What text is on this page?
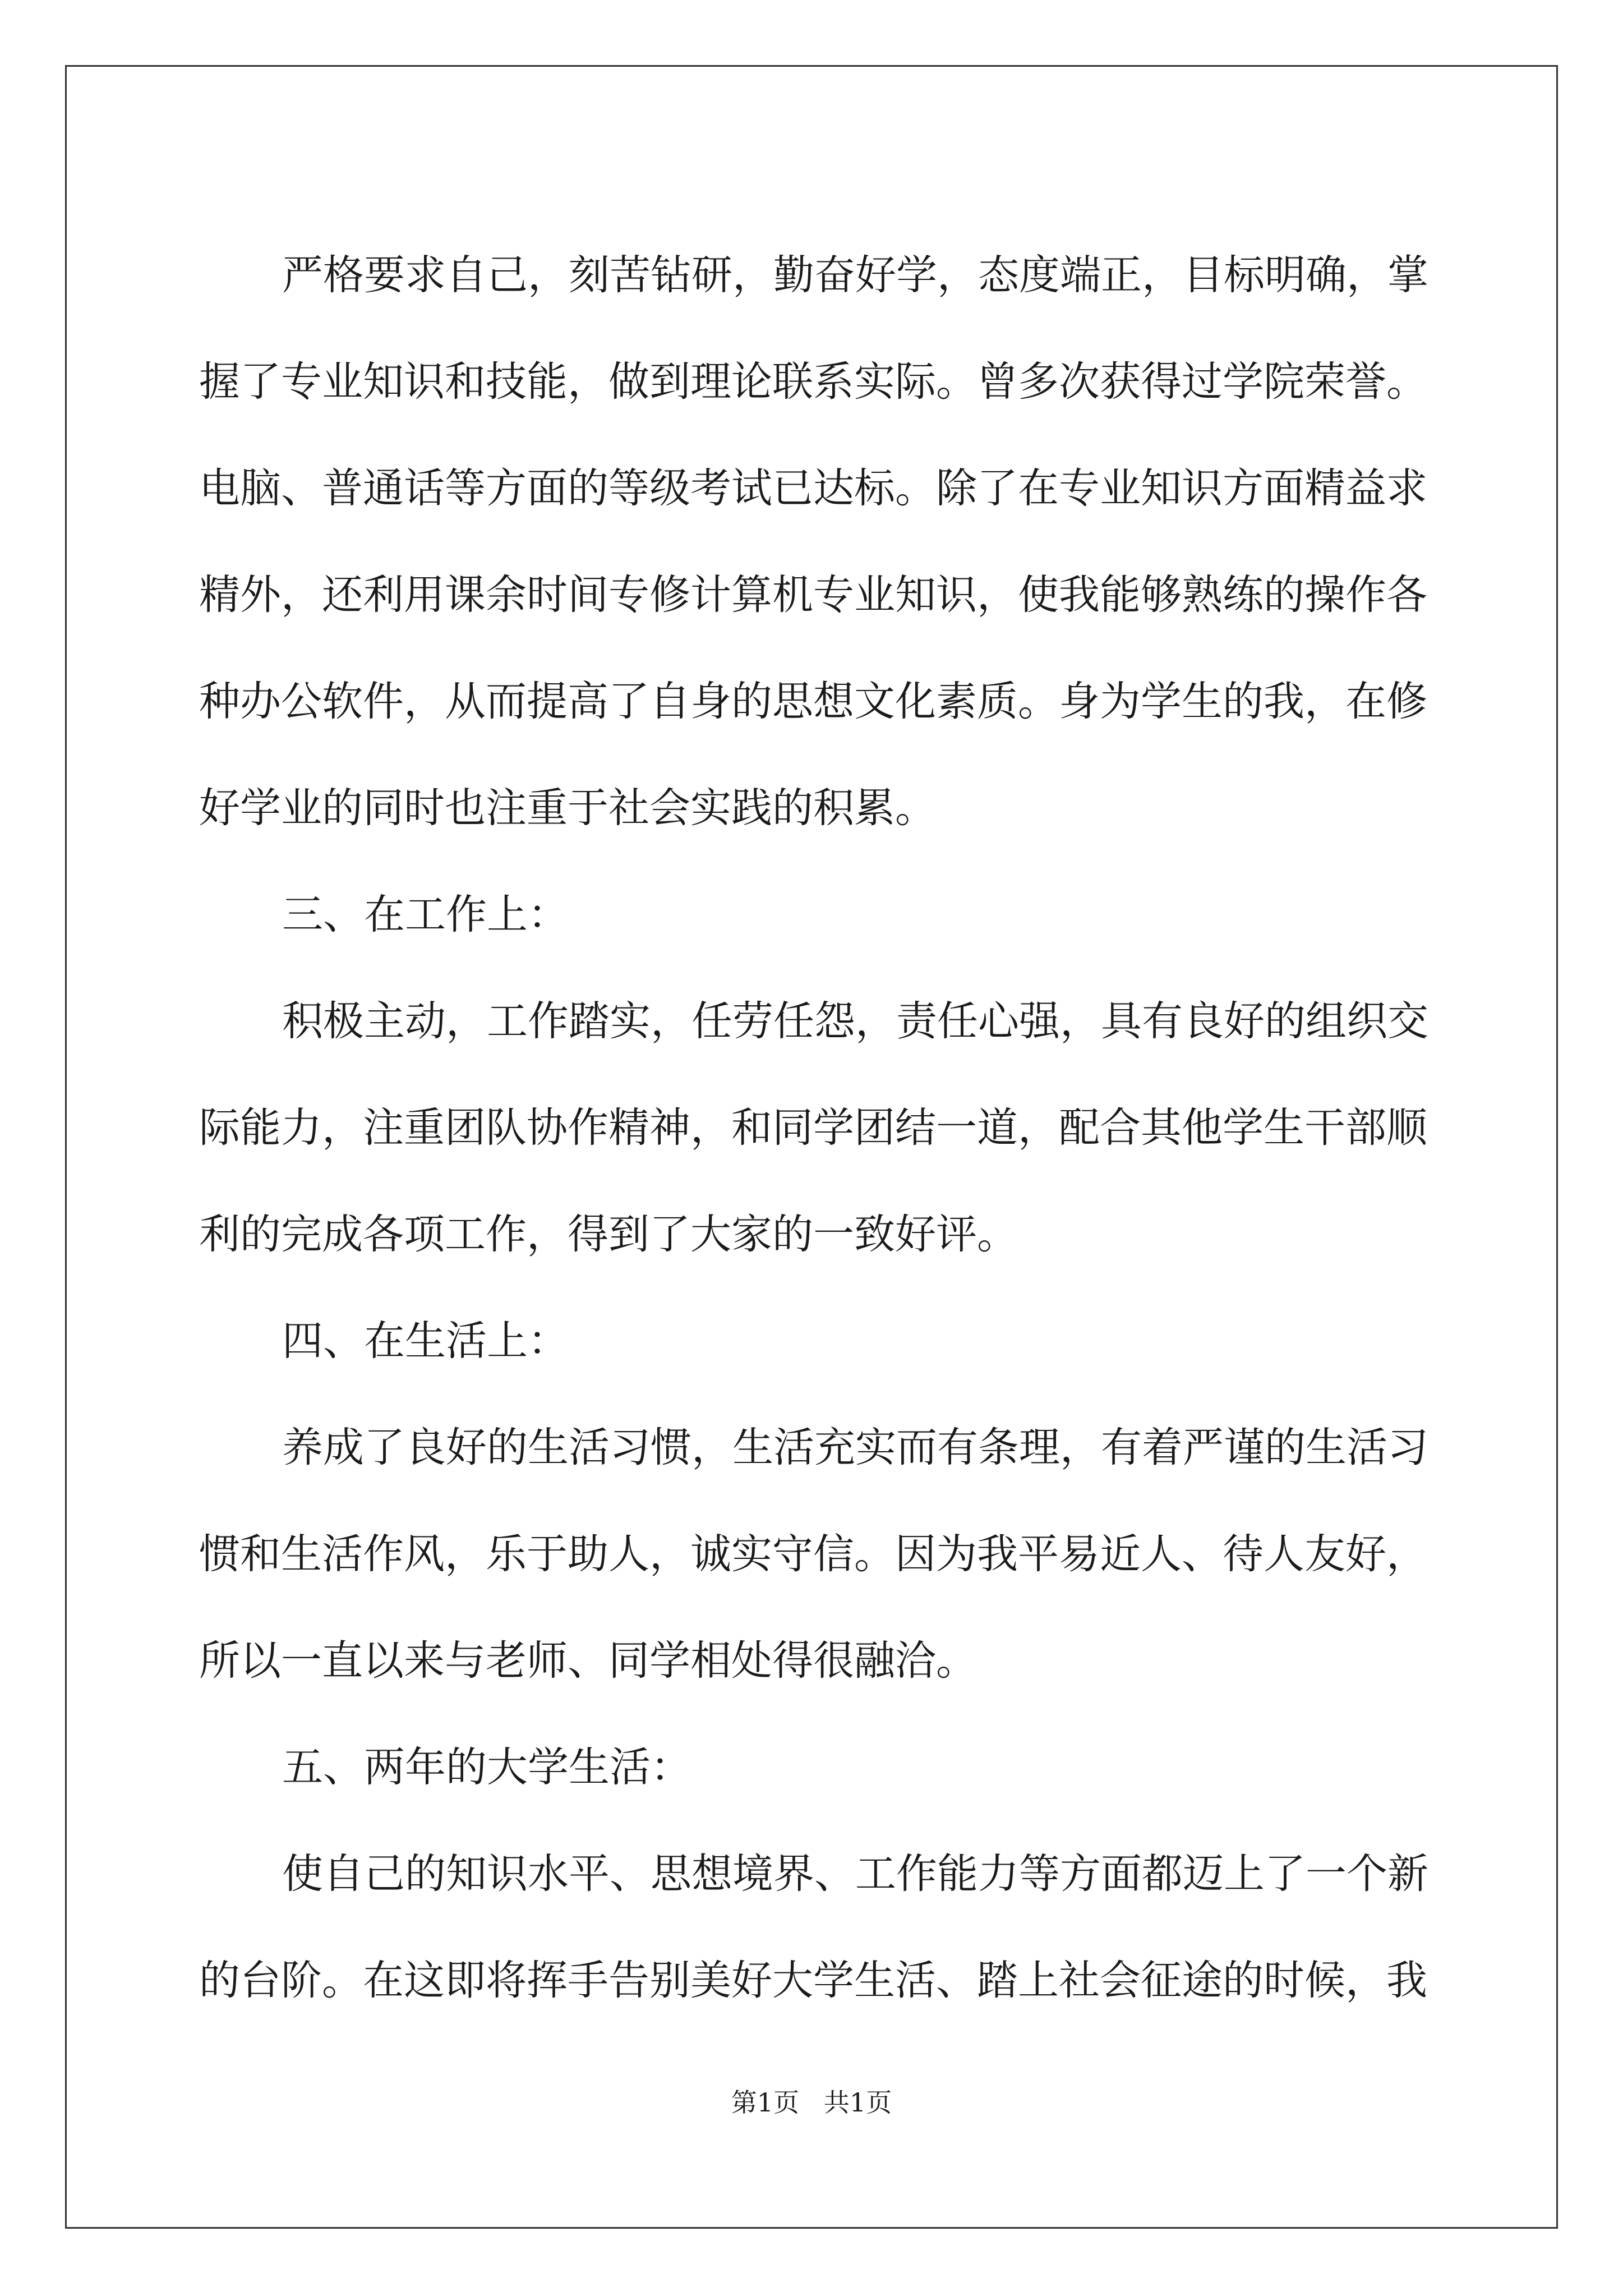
严 格 要 求 自 己 ， 刻 苦 钻 研 ， 勤 奋 好 学 ， 态 度 端 正 ， 目 标 明 确 ， 掌
握 了 专 业 知 识 和 技 能 ， 做 到 理 论 联 系 实 际 。 曾 多 次 获 得 过 学 院 荣 誉 。
电 脑 、 普 通 话 等 方 面 的 等 级 考 试 已 达 标 。 除 了 在 专 业 知 识 方 面 精 益 求
精 外 ， 还 利 用 课 余 时 间 专 修 计 算 机 专 业 知 识 ， 使 我 能 够 熟 练 的 操 作 各
种 办 公 软 件 ， 从 而 提 高 了 自 身 的 思 想 文 化 素 质 。 身 为 学 生 的 我 ， 在 修
好学业的同时也注重于社会实践的积累。
三、在工作上：
积 极 主 动 ， 工 作 踏 实 ， 任 劳 任 怨 ， 责 任 心 强 ， 具 有 良 好 的 组 织 交
际 能 力 ， 注 重 团 队 协 作 精 神 ， 和 同 学 团 结 一 道 ， 配 合 其 他 学 生 干 部 顺
利的完成各项工作，得到了大家的一致好评。
四、在生活上：
养 成 了 良 好 的 生 活 习 惯 ， 生 活 充 实 而 有 条 理 ， 有 着 严 谨 的 生 活 习
惯 和 生 活 作 风 ， 乐 于 助 人 ， 诚 实 守 信 。 因 为 我 平 易 近 人 、 待 人 友 好 ，
所以一直以来与老师、同学相处得很融洽。
五、两年的大学生活：
使 自 己 的 知 识 水 平 、 思 想 境 界 、 工 作 能 力 等 方 面 都 迈 上 了 一 个 新
的 台 阶 。 在 这 即 将 挥 手 告 别 美 好 大 学 生 活 、 踏 上 社 会 征 途 的 时 候 ， 我
第1页   共1页
